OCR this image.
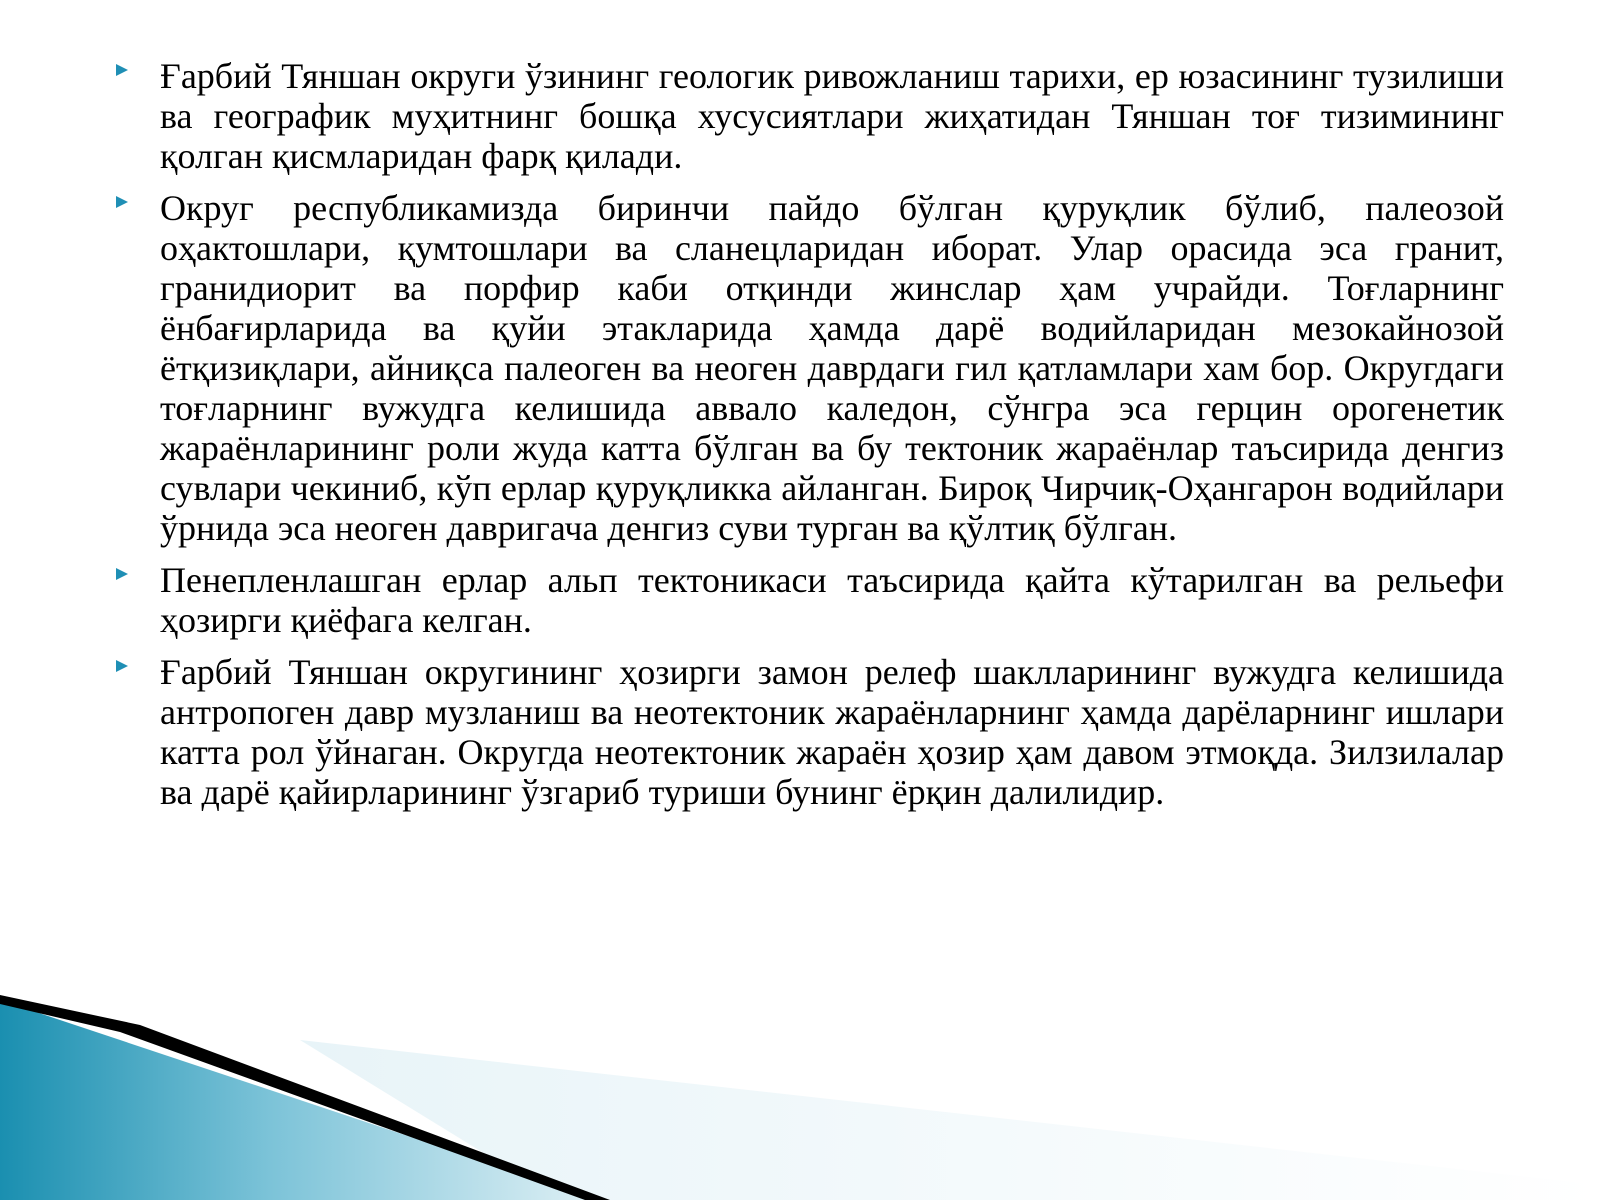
Ғарбий Тяншан округи ўзининг геологик ривожланиш тарихи, ер юзасининг тузилиши ва географик муҳитнинг бошқа хусусиятлари жиҳатидан Тяншан тоғ тизимининг қолган қисмларидан фарқ қилади.
Округ республикамизда биринчи пайдо бўлган қуруқлик бўлиб, палеозой оҳактошлари, қумтошлари ва сланецларидан иборат. Улар орасида эса гранит, гранидиорит ва порфир каби отқинди жинслар ҳам учрайди. Тоғларнинг ёнбағирларида ва қуйи этакларида ҳамда дарё водийларидан мезокайнозой ётқизиқлари, айниқса палеоген ва неоген даврдаги гил қатламлари хам бор. Округдаги тоғларнинг вужудга келишида аввало каледон, сўнгра эса герцин орогенетик жараёнларининг роли жуда катта бўлган ва бу тектоник жараёнлар таъсирида денгиз сувлари чекиниб, кўп ерлар қуруқликка айланган. Бироқ Чирчиқ-Оҳангарон водийлари ўрнида эса неоген давригача денгиз суви турган ва қўлтиқ бўлган.
Пенепленлашган ерлар альп тектоникаси таъсирида қайта кўтарилган ва рельефи ҳозирги қиёфага келган.
Ғарбий Тяншан округининг ҳозирги замон релеф шаклларининг вужудга келишида антропоген давр музланиш ва неотектоник жараёнларнинг ҳамда дарёларнинг ишлари катта рол ўйнаган. Округда неотектоник жараён ҳозир ҳам давом этмоқда. Зилзилалар ва дарё қайирларининг ўзгариб туриши бунинг ёрқин далилидир.
